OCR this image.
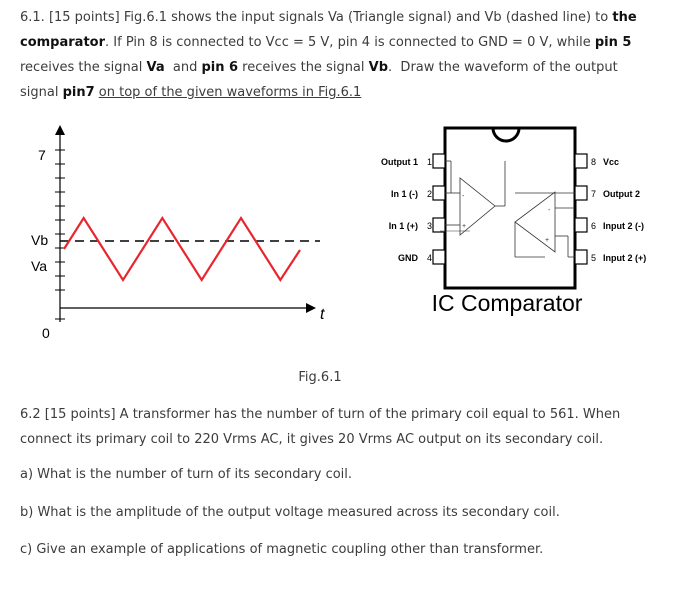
6.1. [15 points] Fig.6.1 shows the input signals Va (Triangle signal) and Vb (dashed line) to the
comparator. If Pin 8 is connected to Vcc = 5 V, pin 4 is connected to GND = 0 V, while pin 5
receives the signal Va  and pin 6 receives the signal Vb.  Draw the waveform of the output
signal pin7 on top of the given waveforms in Fig.6.1
7
Vb
Va
0
t
-
+
-
+
Output 1 1
In 1 (-) 2
In 1 (+) 3
GND 4
8 Vcc
7 Output 2
6 Input 2 (-)
5 Input 2 (+)
IC Comparator
Fig.6.1
6.2 [15 points] A transformer has the number of turn of the primary coil equal to 561. When
connect its primary coil to 220 Vrms AC, it gives 20 Vrms AC output on its secondary coil.
a) What is the number of turn of its secondary coil.
b) What is the amplitude of the output voltage measured across its secondary coil.
c) Give an example of applications of magnetic coupling other than transformer.
